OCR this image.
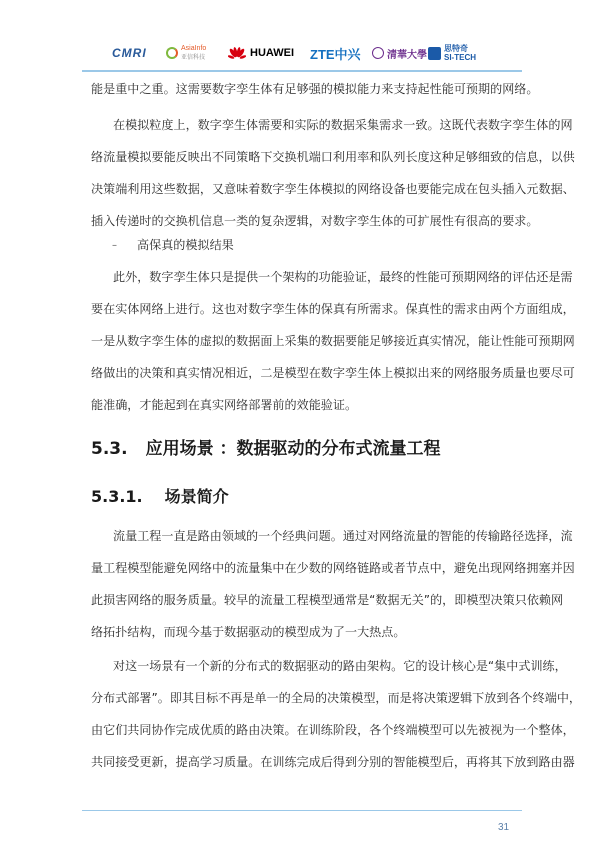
CMRI	AsiaInfo
亚信科技	HUAWEI ZTE中兴	清華大學
思特奇
SI-TECH
能是重中之重。这需要数字孪生体有足够强的模拟能力来支持起性能可预期的网络。
在模拟粒度上，数字孪生体需要和实际的数据采集需求一致。这既代表数字孪生体的网
络流量模拟要能反映出不同策略下交换机端口利用率和队列长度这种足够细致的信息，以供
决策端利用这些数据，又意味着数字孪生体模拟的网络设备也要能完成在包头插入元数据、
插入传递时的交换机信息一类的复杂逻辑，对数字孪生体的可扩展性有很高的要求。
– 高保真的模拟结果
此外，数字孪生体只是提供一个架构的功能验证，最终的性能可预期网络的评估还是需
要在实体网络上进行。这也对数字孪生体的保真有所需求。保真性的需求由两个方面组成，
一是从数字孪生体的虚拟的数据面上采集的数据要能足够接近真实情况，能让性能可预期网
络做出的决策和真实情况相近，二是模型在数字孪生体上模拟出来的网络服务质量也要尽可
能准确，才能起到在真实网络部署前的效能验证。
5.3. 应用场景 ：数据驱动的分布式流量工程
5.3.1. 场景简介
流量工程一直是路由领域的一个经典问题。通过对网络流量的智能的传输路径选择，流
量工程模型能避免网络中的流量集中在少数的网络链路或者节点中，避免出现网络拥塞并因
此损害网络的服务质量。较早的流量工程模型通常是“数据无关”的，即模型决策只依赖网
络拓扑结构，而现今基于数据驱动的模型成为了一大热点。
对这一场景有一个新的分布式的数据驱动的路由架构。它的设计核心是“集中式训练，
分布式部署”。即其目标不再是单一的全局的决策模型，而是将决策逻辑下放到各个终端中，
由它们共同协作完成优质的路由决策。在训练阶段，各个终端模型可以先被视为一个整体，
共同接受更新，提高学习质量。在训练完成后得到分别的智能模型后，再将其下放到路由器
31
